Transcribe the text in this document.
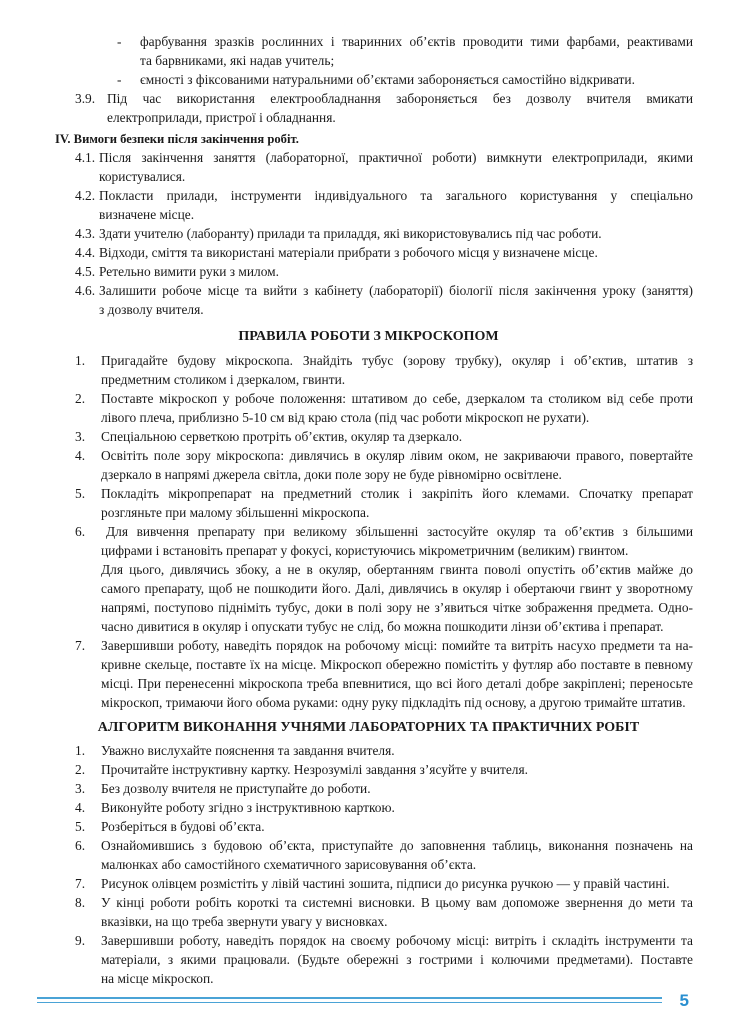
- фарбування зразків рослинних і тваринних об’єктів проводити тими фарбами, реактивами
та барвниками, які надав учитель;
- ємності з фіксованими натуральними об’єктами забороняється самостійно відкривати.
3.9. Під час використання електрообладнання забороняється без дозволу вчителя вмикати
електроприлади, пристрої і обладнання.
IV. Вимоги безпеки після закінчення робіт.
4.1. Після закінчення заняття (лабораторної, практичної роботи) вимкнути електроприлади, якими
користувалися.
4.2. Покласти прилади, інструменти індивідуального та загального користування у спеціально
визначене місце.
4.3. Здати учителю (лаборанту) прилади та приладдя, які використовувались під час роботи.
4.4. Відходи, сміття та використані матеріали прибрати з робочого місця у визначене місце.
4.5. Ретельно вимити руки з милом.
4.6. Залишити робоче місце та вийти з кабінету (лабораторії) біології після закінчення уроку (заняття)
з дозволу вчителя.
ПРАВИЛА РОБОТИ З МІКРОСКОПОМ
1. Пригадайте будову мікроскопа. Знайдіть тубус (зорову трубку), окуляр і об’єктив, штатив з
предметним столиком і дзеркалом, гвинти.
2. Поставте мікроскоп у робоче положення: штативом до себе, дзеркалом та столиком від себе проти
лівого плеча, приблизно 5-10 см від краю стола (під час роботи мікроскоп не рухати).
3. Спеціальною серветкою протріть об’єктив, окуляр та дзеркало.
4. Освітіть поле зору мікроскопа: дивлячись в окуляр лівим оком, не закриваючи правого, повертайте
дзеркало в напрямі джерела світла, доки поле зору не буде рівномірно освітлене.
5. Покладіть мікропрепарат на предметний столик і закріпіть його клемами. Спочатку препарат
розгляньте при малому збільшенні мікроскопа.
6. Для вивчення препарату при великому збільшенні застосуйте окуляр та об’єктив з більшими
цифрами і встановіть препарат у фокусі, користуючись мікрометричним (великим) гвинтом.
Для цього, дивлячись збоку, а не в окуляр, обертанням гвинта поволі опустіть об’єктив майже до
самого препарату, щоб не пошкодити його. Далі, дивлячись в окуляр і обертаючи гвинт у зворотному
напрямі, поступово підніміть тубус, доки в полі зору не з’явиться чітке зображення предмета. Одно-
часно дивитися в окуляр і опускати тубус не слід, бо можна пошкодити лінзи об’єктива і препарат.
7. Завершивши роботу, наведіть порядок на робочому місці: помийте та витріть насухо предмети та на-
кривне скельце, поставте їх на місце. Мікроскоп обережно помістіть у футляр або поставте в певному
місці. При перенесенні мікроскопа треба впевнитися, що всі його деталі добре закріплені; переносьте
мікроскоп, тримаючи його обома руками: одну руку підкладіть під основу, а другою тримайте штатив.
АЛГОРИТМ ВИКОНАННЯ УЧНЯМИ ЛАБОРАТОРНИХ ТА ПРАКТИЧНИХ РОБІТ
1. Уважно вислухайте пояснення та завдання вчителя.
2. Прочитайте інструктивну картку. Незрозумілі завдання з’ясуйте у вчителя.
3. Без дозволу вчителя не приступайте до роботи.
4. Виконуйте роботу згідно з інструктивною карткою.
5. Розберіться в будові об’єкта.
6. Ознайомившись з будовою об’єкта, приступайте до заповнення таблиць, виконання позначень на
малюнках або самостійного схематичного зарисовування об’єкта.
7. Рисунок олівцем розмістіть у лівій частині зошита, підписи до рисунка ручкою — у правій частині.
8. У кінці роботи робіть короткі та системні висновки. В цьому вам допоможе звернення до мети та
вказівки, на що треба звернути увагу у висновках.
9. Завершивши роботу, наведіть порядок на своєму робочому місці: витріть і складіть інструменти та
матеріали, з якими працювали. (Будьте обережні з гострими і колючими предметами). Поставте
на місце мікроскоп.
5
